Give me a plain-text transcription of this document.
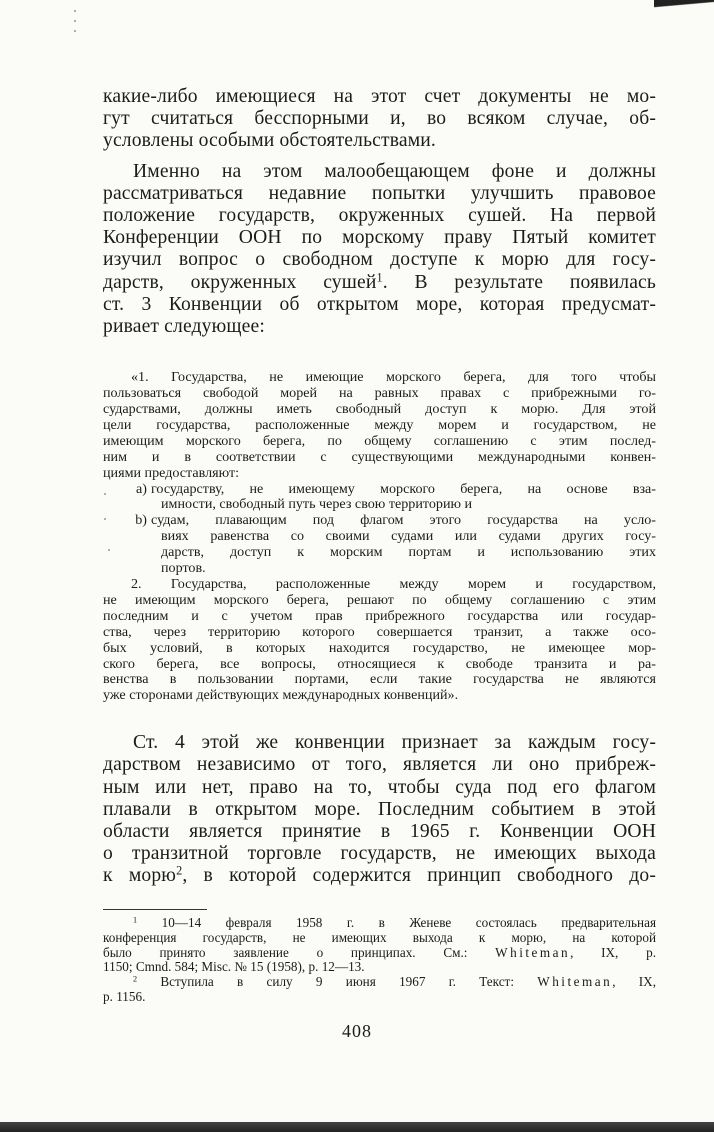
какие-либо имеющиеся на этот счет документы не мо-

гут считаться бесспорными и, во всяком случае, об-

условлены особыми обстоятельствами.

Именно на этом малообещающем фоне и должны

рассматриваться недавние попытки улучшить правовое

положение государств, окруженных сушей. На первой

Конференции ООН по морскому праву Пятый комитет

изучил вопрос о свободном доступе к морю для госу-

дарств, окруженных сушей$^1$. В результате появилась

ст. 3 Конвенции об открытом море, которая предусмат-

ривает следующее:

«1. Государства, не имеющие морского берега, для того чтобы

пользоваться свободой морей на равных правах с прибрежными го-

сударствами, должны иметь свободный доступ к морю. Для этой

цели государства, расположенные между морем и государством, не

имеющим морского берега, по общему соглашению с этим послед-

ним и в соответствии с существующими международными конвен-

циями предоставляют:

a) государству, не имеющему морского берега, на основе вза-

имности, свободный путь через свою территорию и

b) судам, плавающим под флагом этого государства на усло-

виях равенства со своими судами или судами других госу-

дарств, доступ к морским портам и использованию этих

портов.

2. Государства, расположенные между морем и государством,

не имеющим морского берега, решают по общему соглашению с этим

последним и с учетом прав прибрежного государства или государ-

ства, через территорию которого совершается транзит, а также осо-

бых условий, в которых находится государство, не имеющее мор-

ского берега, все вопросы, относящиеся к свободе транзита и ра-

венства в пользовании портами, если такие государства не являются

уже сторонами действующих международных конвенций».

Ст. 4 этой же конвенции признает за каждым госу-

дарством независимо от того, является ли оно прибреж-

ным или нет, право на то, чтобы суда под его флагом

плавали в открытом море. Последним событием в этой

области является принятие в 1965 г. Конвенции ООН

о транзитной торговле государств, не имеющих выхода

к морю$^2$, в которой содержится принцип свободного до-

$^1$ 10—14 февраля 1958 г. в Женеве состоялась предварительная

конференция государств, не имеющих выхода к морю, на которой

было принято заявление о принципах. См.: Whiteman, IX, p.

1150; Cmnd. 584; Misc. № 15 (1958), p. 12—13.

$^2$ Вступила в силу 9 июня 1967 г. Текст: Whiteman, IX,

p. 1156.

408
